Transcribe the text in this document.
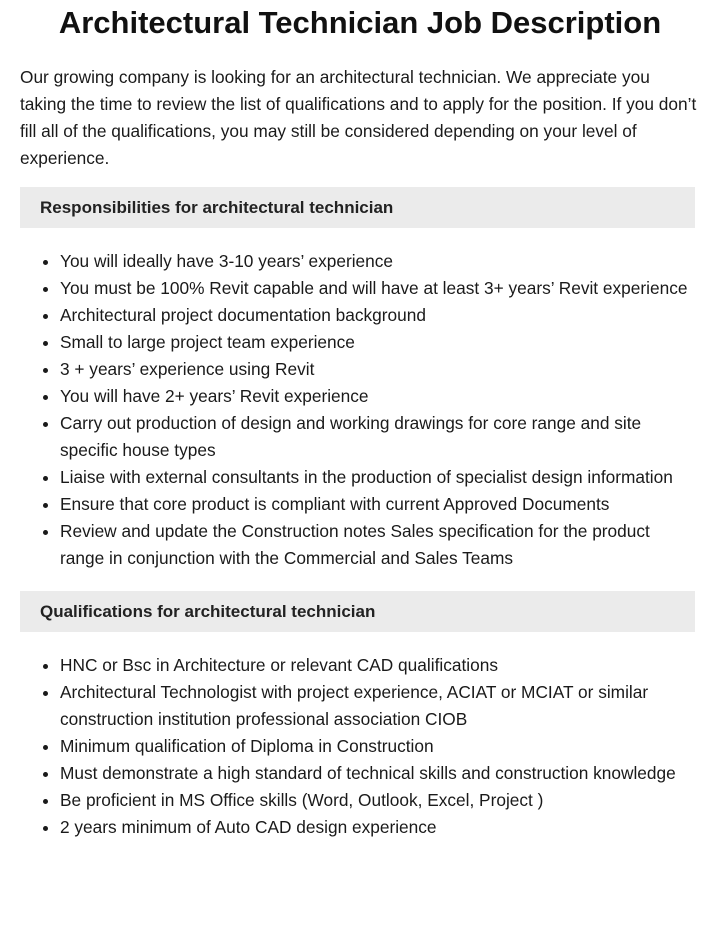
Architectural Technician Job Description

Our growing company is looking for an architectural technician. We appreciate you taking the time to review the list of qualifications and to apply for the position. If you don’t fill all of the qualifications, you may still be considered depending on your level of experience.

Responsibilities for architectural technician
• You will ideally have 3-10 years’ experience
• You must be 100% Revit capable and will have at least 3+ years’ Revit experience
• Architectural project documentation background
• Small to large project team experience
• 3 + years’ experience using Revit
• You will have 2+ years’ Revit experience
• Carry out production of design and working drawings for core range and site specific house types
• Liaise with external consultants in the production of specialist design information
• Ensure that core product is compliant with current Approved Documents
• Review and update the Construction notes Sales specification for the product range in conjunction with the Commercial and Sales Teams
Qualifications for architectural technician
• HNC or Bsc in Architecture or relevant CAD qualifications
• Architectural Technologist with project experience, ACIAT or MCIAT or similar construction institution professional association CIOB
• Minimum qualification of Diploma in Construction
• Must demonstrate a high standard of technical skills and construction knowledge
• Be proficient in MS Office skills (Word, Outlook, Excel, Project )
• 2 years minimum of Auto CAD design experience
